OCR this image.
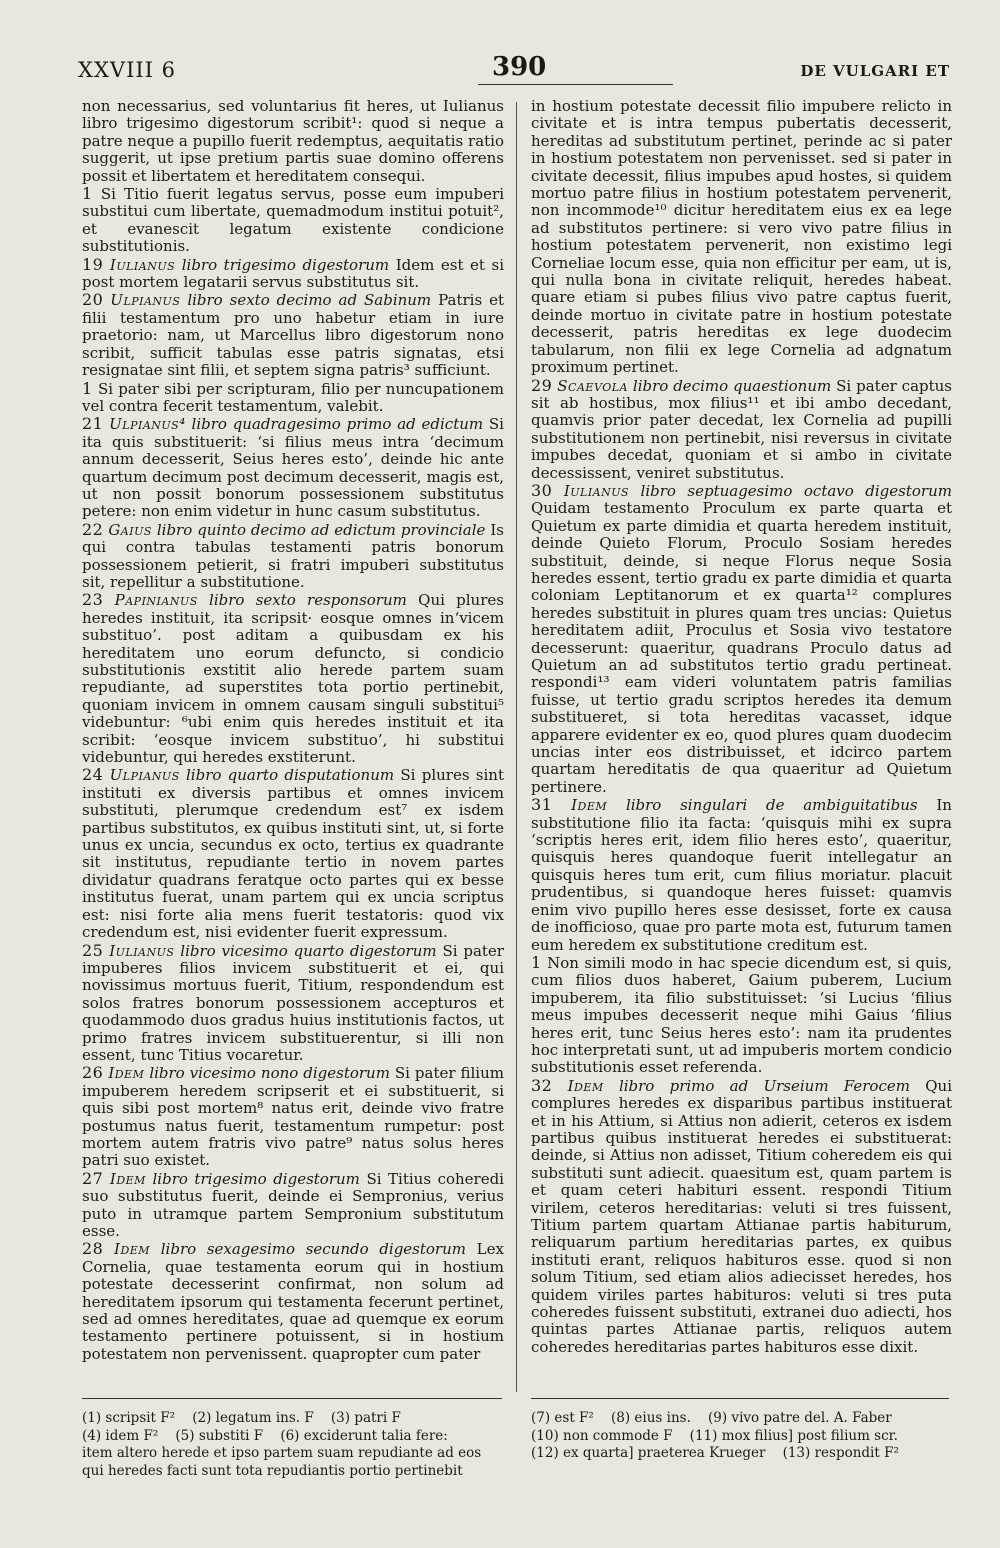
XXVIII 6	390	DE VULGARI ET

non necessarius, sed voluntarius fit heres, ut Iulianus libro trigesimo digestorum scribit¹: quod si neque a patre neque a pupillo fuerit redemptus, aequitatis ratio suggerit, ut ipse pretium partis suae domino offerens possit et libertatem et hereditatem consequi.

1 Si Titio fuerit legatus servus, posse eum impuberi substitui cum libertate, quemadmodum institui potuit², et evanescit legatum existente condicione substitutionis.

19 Iulianus libro trigesimo digestorum Idem est et si post mortem legatarii servus substitutus sit.

20 Ulpianus libro sexto decimo ad Sabinum Patris et filii testamentum pro uno habetur etiam in iure praetorio: nam, ut Marcellus libro digestorum nono scribit, sufficit tabulas esse patris signatas, etsi resignatae sint filii, et septem signa patris³ sufficiunt.

1 Si pater sibi per scripturam, filio per nuncupationem vel contra fecerit testamentum, valebit.

21 Ulpianus⁴ libro quadragesimo primo ad edictum Si ita quis substituerit: ‘si filius meus intra ‘decimum annum decesserit, Seius heres esto’, deinde hic ante quartum decimum post decimum decesserit, magis est, ut non possit bonorum possessionem substitutus petere: non enim videtur in hunc casum substitutus.

22 Gaius libro quinto decimo ad edictum provinciale Is qui contra tabulas testamenti patris bonorum possessionem petierit, si fratri impuberi substitutus sit, repellitur a substitutione.

23 Papinianus libro sexto responsorum Qui plures heredes instituit, ita scripsit· eosque omnes in‘vicem substituo’. post aditam a quibusdam ex his hereditatem uno eorum defuncto, si condicio substitutionis exstitit alio herede partem suam repudiante, ad superstites tota portio pertinebit, quoniam invicem in omnem causam singuli substitui⁵ videbuntur: ⁶ubi enim quis heredes instituit et ita scribit: ‘eosque invicem substituo’, hi substitui videbuntur, qui heredes exstiterunt.

24 Ulpianus libro quarto disputationum Si plures sint instituti ex diversis partibus et omnes invicem substituti, plerumque credendum est⁷ ex isdem partibus substitutos, ex quibus instituti sint, ut, si forte unus ex uncia, secundus ex octo, tertius ex quadrante sit institutus, repudiante tertio in novem partes dividatur quadrans feratque octo partes qui ex besse institutus fuerat, unam partem qui ex uncia scriptus est: nisi forte alia mens fuerit testatoris: quod vix credendum est, nisi evidenter fuerit expressum.

25 Iulianus libro vicesimo quarto digestorum Si pater impuberes filios invicem substituerit et ei, qui novissimus mortuus fuerit, Titium, respondendum est solos fratres bonorum possessionem accepturos et quodammodo duos gradus huius institutionis factos, ut primo fratres invicem substituerentur, si illi non essent, tunc Titius vocaretur.

26 Idem libro vicesimo nono digestorum Si pater filium impuberem heredem scripserit et ei substituerit, si quis sibi post mortem⁸ natus erit, deinde vivo fratre postumus natus fuerit, testamentum rumpetur: post mortem autem fratris vivo patre⁹ natus solus heres patri suo existet.

27 Idem libro trigesimo digestorum Si Titius coheredi suo substitutus fuerit, deinde ei Sempronius, verius puto in utramque partem Sempronium substitutum esse.

28 Idem libro sexagesimo secundo digestorum Lex Cornelia, quae testamenta eorum qui in hostium potestate decesserint confirmat, non solum ad hereditatem ipsorum qui testamenta fecerunt pertinet, sed ad omnes hereditates, quae ad quemque ex eorum testamento pertinere potuissent, si in hostium potestatem non pervenissent. quapropter cum pater

in hostium potestate decessit filio impubere relicto in civitate et is intra tempus pubertatis decesserit, hereditas ad substitutum pertinet, perinde ac si pater in hostium potestatem non pervenisset. sed si pater in civitate decessit, filius impubes apud hostes, si quidem mortuo patre filius in hostium potestatem pervenerit, non incommode¹⁰ dicitur hereditatem eius ex ea lege ad substitutos pertinere: si vero vivo patre filius in hostium potestatem pervenerit, non existimo legi Corneliae locum esse, quia non efficitur per eam, ut is, qui nulla bona in civitate reliquit, heredes habeat. quare etiam si pubes filius vivo patre captus fuerit, deinde mortuo in civitate patre in hostium potestate decesserit, patris hereditas ex lege duodecim tabularum, non filii ex lege Cornelia ad adgnatum proximum pertinet.

29 Scaevola libro decimo quaestionum Si pater captus sit ab hostibus, mox filius¹¹ et ibi ambo decedant, quamvis prior pater decedat, lex Cornelia ad pupilli substitutionem non pertinebit, nisi reversus in civitate impubes decedat, quoniam et si ambo in civitate decessissent, veniret substitutus.

30 Iulianus libro septuagesimo octavo digestorum Quidam testamento Proculum ex parte quarta et Quietum ex parte dimidia et quarta heredem instituit, deinde Quieto Florum, Proculo Sosiam heredes substituit, deinde, si neque Florus neque Sosia heredes essent, tertio gradu ex parte dimidia et quarta coloniam Leptitanorum et ex quarta¹² complures heredes substituit in plures quam tres uncias: Quietus hereditatem adiit, Proculus et Sosia vivo testatore decesserunt: quaeritur, quadrans Proculo datus ad Quietum an ad substitutos tertio gradu pertineat. respondi¹³ eam videri voluntatem patris familias fuisse, ut tertio gradu scriptos heredes ita demum substitueret, si tota hereditas vacasset, idque apparere evidenter ex eo, quod plures quam duodecim uncias inter eos distribuisset, et idcirco partem quartam hereditatis de qua quaeritur ad Quietum pertinere.

31 Idem libro singulari de ambiguitatibus In substitutione filio ita facta: ‘quisquis mihi ex supra ‘scriptis heres erit, idem filio heres esto’, quaeritur, quisquis heres quandoque fuerit intellegatur an quisquis heres tum erit, cum filius moriatur. placuit prudentibus, si quandoque heres fuisset: quamvis enim vivo pupillo heres esse desisset, forte ex causa de inofficioso, quae pro parte mota est, futurum tamen eum heredem ex substitutione creditum est.

1 Non simili modo in hac specie dicendum est, si quis, cum filios duos haberet, Gaium puberem, Lucium impuberem, ita filio substituisset: ‘si Lucius ‘filius meus impubes decesserit neque mihi Gaius ‘filius heres erit, tunc Seius heres esto’: nam ita prudentes hoc interpretati sunt, ut ad impuberis mortem condicio substitutionis esset referenda.

32 Idem libro primo ad Urseium Ferocem Qui complures heredes ex disparibus partibus instituerat et in his Attium, si Attius non adierit, ceteros ex isdem partibus quibus instituerat heredes ei substituerat: deinde, si Attius non adisset, Titium coheredem eis qui substituti sunt adiecit. quaesitum est, quam partem is et quam ceteri habituri essent. respondi Titium virilem, ceteros hereditarias: veluti si tres fuissent, Titium partem quartam Attianae partis habiturum, reliquarum partium hereditarias partes, ex quibus instituti erant, reliquos habituros esse. quod si non solum Titium, sed etiam alios adiecisset heredes, hos quidem viriles partes habituros: veluti si tres puta coheredes fuissent substituti, extranei duo adiecti, hos quintas partes Attianae partis, reliquos autem coheredes hereditarias partes habituros esse dixit.

(1) scripsit F²    (2) legatum ins. F    (3) patri F
(4) idem F²    (5) substiti F    (6) exciderunt talia fere:
item altero herede et ipso partem suam repudiante ad eos
qui heredes facti sunt tota repudiantis portio pertinebit
(7) est F²    (8) eius ins.    (9) vivo patre del. A. Faber
(10) non commode F    (11) mox filius] post filium scr.
(12) ex quarta] praeterea Krueger    (13) respondit F²
